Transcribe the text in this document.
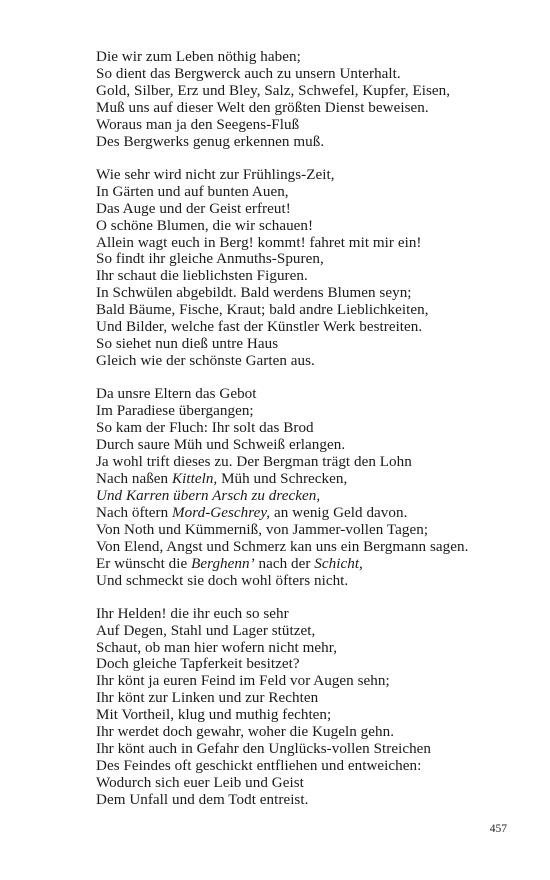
Die wir zum Leben nöthig haben;
So dient das Bergwerck auch zu unsern Unterhalt.
Gold, Silber, Erz und Bley, Salz, Schwefel, Kupfer, Eisen,
Muß uns auf dieser Welt den größten Dienst beweisen.
Woraus man ja den Seegens-Fluß
Des Bergwerks genug erkennen muß.
Wie sehr wird nicht zur Frühlings-Zeit,
In Gärten und auf bunten Auen,
Das Auge und der Geist erfreut!
O schöne Blumen, die wir schauen!
Allein wagt euch in Berg! kommt! fahret mit mir ein!
So findt ihr gleiche Anmuths-Spuren,
Ihr schaut die lieblichsten Figuren.
In Schwülen abgebildt. Bald werdens Blumen seyn;
Bald Bäume, Fische, Kraut; bald andre Lieblichkeiten,
Und Bilder, welche fast der Künstler Werk bestreiten.
So siehet nun dieß untre Haus
Gleich wie der schönste Garten aus.
Da unsre Eltern das Gebot
Im Paradiese übergangen;
So kam der Fluch: Ihr solt das Brod
Durch saure Müh und Schweiß erlangen.
Ja wohl trift dieses zu. Der Bergman trägt den Lohn
Nach naßen Kitteln, Müh und Schrecken,
Und Karren übern Arsch zu drecken,
Nach öftern Mord-Geschrey, an wenig Geld davon.
Von Noth und Kümmerniß, von Jammer-vollen Tagen;
Von Elend, Angst und Schmerz kan uns ein Bergmann sagen.
Er wünscht die Berghenn’ nach der Schicht,
Und schmeckt sie doch wohl öfters nicht.
Ihr Helden! die ihr euch so sehr
Auf Degen, Stahl und Lager stützet,
Schaut, ob man hier wofern nicht mehr,
Doch gleiche Tapferkeit besitzet?
Ihr könt ja euren Feind im Feld vor Augen sehn;
Ihr könt zur Linken und zur Rechten
Mit Vortheil, klug und muthig fechten;
Ihr werdet doch gewahr, woher die Kugeln gehn.
Ihr könt auch in Gefahr den Unglücks-vollen Streichen
Des Feindes oft geschickt entfliehen und entweichen:
Wodurch sich euer Leib und Geist
Dem Unfall und dem Todt entreist.
457
